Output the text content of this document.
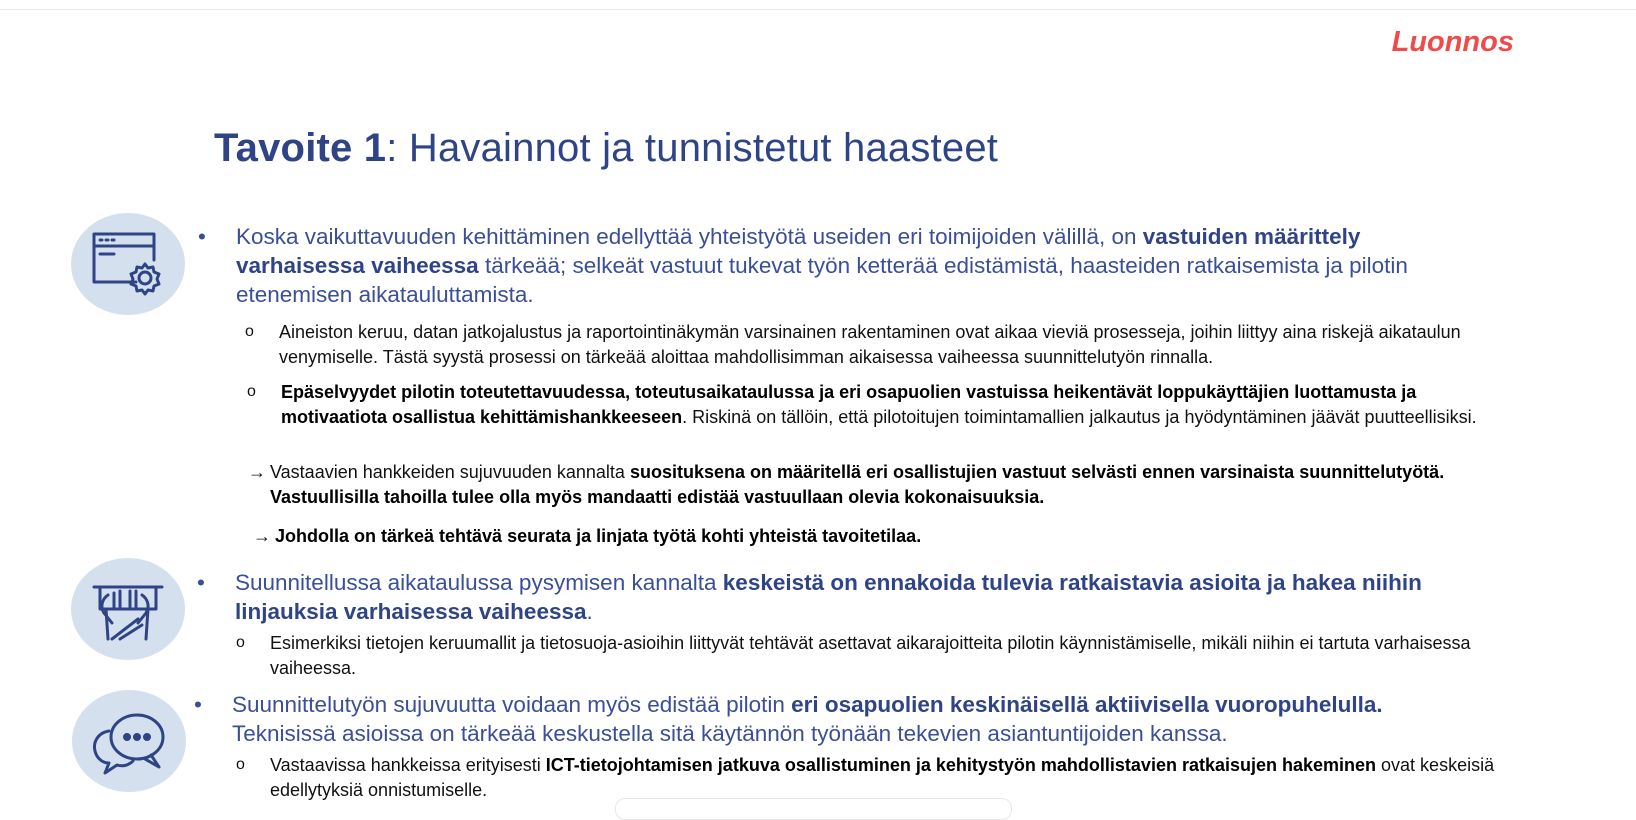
Luonnos
Tavoite 1: Havainnot ja tunnistetut haasteet
• Koska vaikuttavuuden kehittäminen edellyttää yhteistyötä useiden eri toimijoiden välillä, on vastuiden määrittely varhaisessa vaiheessa tärkeää; selkeät vastuut tukevat työn ketterää edistämistä, haasteiden ratkaisemista ja pilotin etenemisen aikatauluttamista.
o Aineiston keruu, datan jatkojalustus ja raportointinäkymän varsinainen rakentaminen ovat aikaa vieviä prosesseja, joihin liittyy aina riskejä aikataulun venymiselle. Tästä syystä prosessi on tärkeää aloittaa mahdollisimman aikaisessa vaiheessa suunnittelutyön rinnalla.
o Epäselvyydet pilotin toteutettavuudessa, toteutusaikataulussa ja eri osapuolien vastuissa heikentävät loppukäyttäjien luottamusta ja motivaatiota osallistua kehittämishankkeeseen. Riskinä on tällöin, että pilotoitujen toimintamallien jalkautus ja hyödyntäminen jäävät puutteellisiksi.
→ Vastaavien hankkeiden sujuvuuden kannalta suosituksena on määritellä eri osallistujien vastuut selvästi ennen varsinaista suunnittelutyötä. Vastuullisilla tahoilla tulee olla myös mandaatti edistää vastuullaan olevia kokonaisuuksia.
→ Johdolla on tärkeä tehtävä seurata ja linjata työtä kohti yhteistä tavoitetilaa.
• Suunnitellussa aikataulussa pysymisen kannalta keskeistä on ennakoida tulevia ratkaistavia asioita ja hakea niihin linjauksia varhaisessa vaiheessa.
o Esimerkiksi tietojen keruumallit ja tietosuoja-asioihin liittyvät tehtävät asettavat aikarajoitteita pilotin käynnistämiselle, mikäli niihin ei tartuta varhaisessa vaiheessa.
• Suunnittelutyön sujuvuutta voidaan myös edistää pilotin eri osapuolien keskinäisellä aktiivisella vuoropuhelulla. Teknisissä asioissa on tärkeää keskustella sitä käytännön työnään tekevien asiantuntijoiden kanssa.
o Vastaavissa hankkeissa erityisesti ICT-tietojohtamisen jatkuva osallistuminen ja kehitystyön mahdollistavien ratkaisujen hakeminen ovat keskeisiä edellytyksiä onnistumiselle.
